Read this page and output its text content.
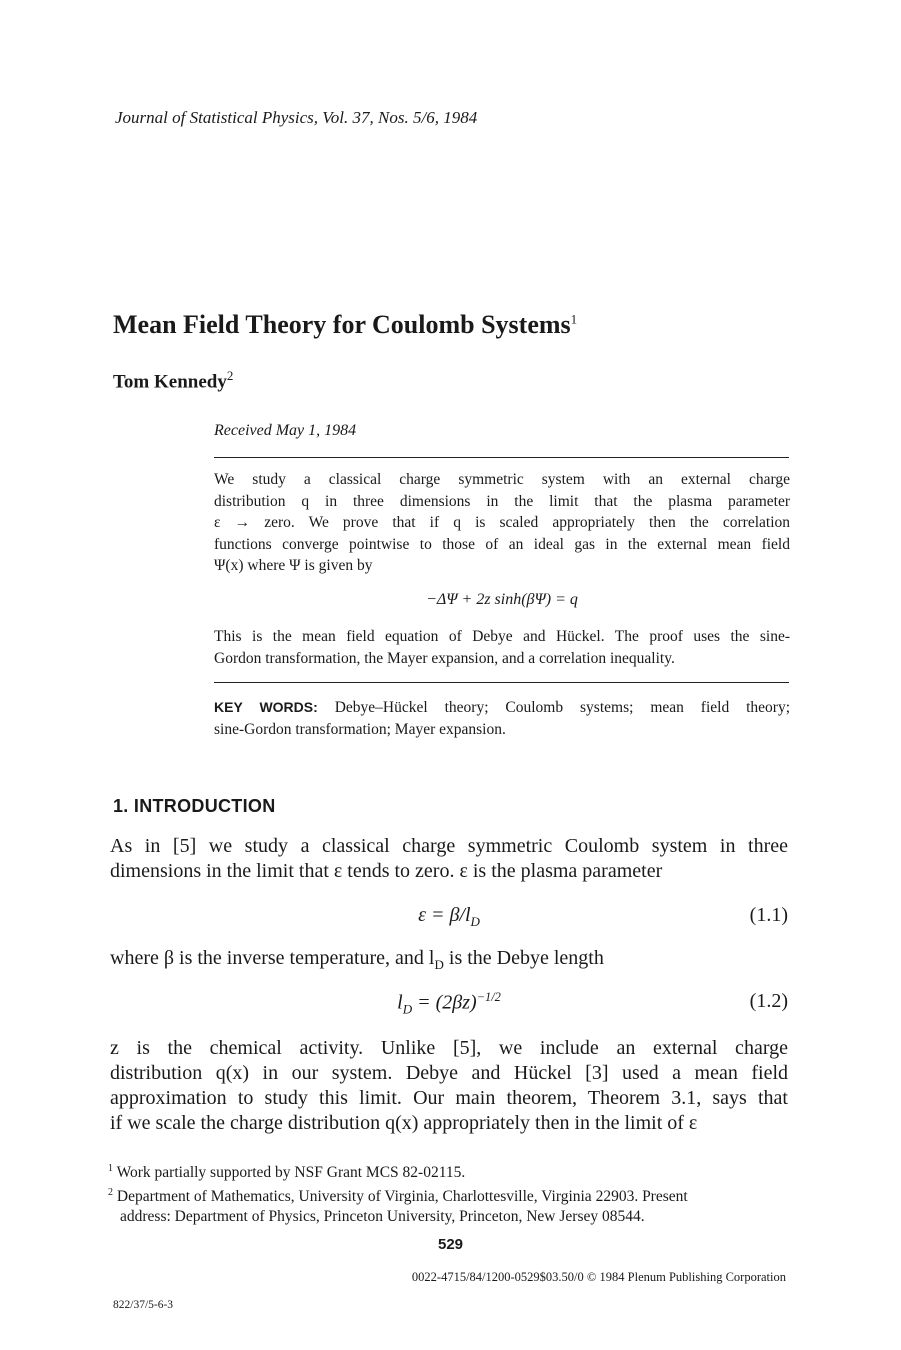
Journal of Statistical Physics, Vol. 37, Nos. 5/6, 1984
Mean Field Theory for Coulomb Systems$^1$
Tom Kennedy$^2$
Received May 1, 1984
We study a classical charge symmetric system with an external charge
distribution q in three dimensions in the limit that the plasma parameter
ε → zero. We prove that if q is scaled appropriately then the correlation
functions converge pointwise to those of an ideal gas in the external mean field
Ψ(x) where Ψ is given by
−ΔΨ + 2z sinh(βΨ) = q
This is the mean field equation of Debye and Hückel. The proof uses the sine-
Gordon transformation, the Mayer expansion, and a correlation inequality.
KEY WORDS: Debye–Hückel theory; Coulomb systems; mean field theory;
sine-Gordon transformation; Mayer expansion.
1. INTRODUCTION
As in [5] we study a classical charge symmetric Coulomb system in three
dimensions in the limit that ε tends to zero. ε is the plasma parameter
$\varepsilon = \beta/l_D$	(1.1)
where β is the inverse temperature, and $l_D$ is the Debye length
$l_D = (2\beta z)^{-1/2}$	(1.2)
z is the chemical activity. Unlike [5], we include an external charge
distribution q(x) in our system. Debye and Hückel [3] used a mean field
approximation to study this limit. Our main theorem, Theorem 3.1, says that
if we scale the charge distribution q(x) appropriately then in the limit of ε
$^1$ Work partially supported by NSF Grant MCS 82-02115.
$^2$ Department of Mathematics, University of Virginia, Charlottesville, Virginia 22903. Present
address: Department of Physics, Princeton University, Princeton, New Jersey 08544.
529
0022-4715/84/1200-0529$03.50/0 © 1984 Plenum Publishing Corporation
822/37/5-6-3
